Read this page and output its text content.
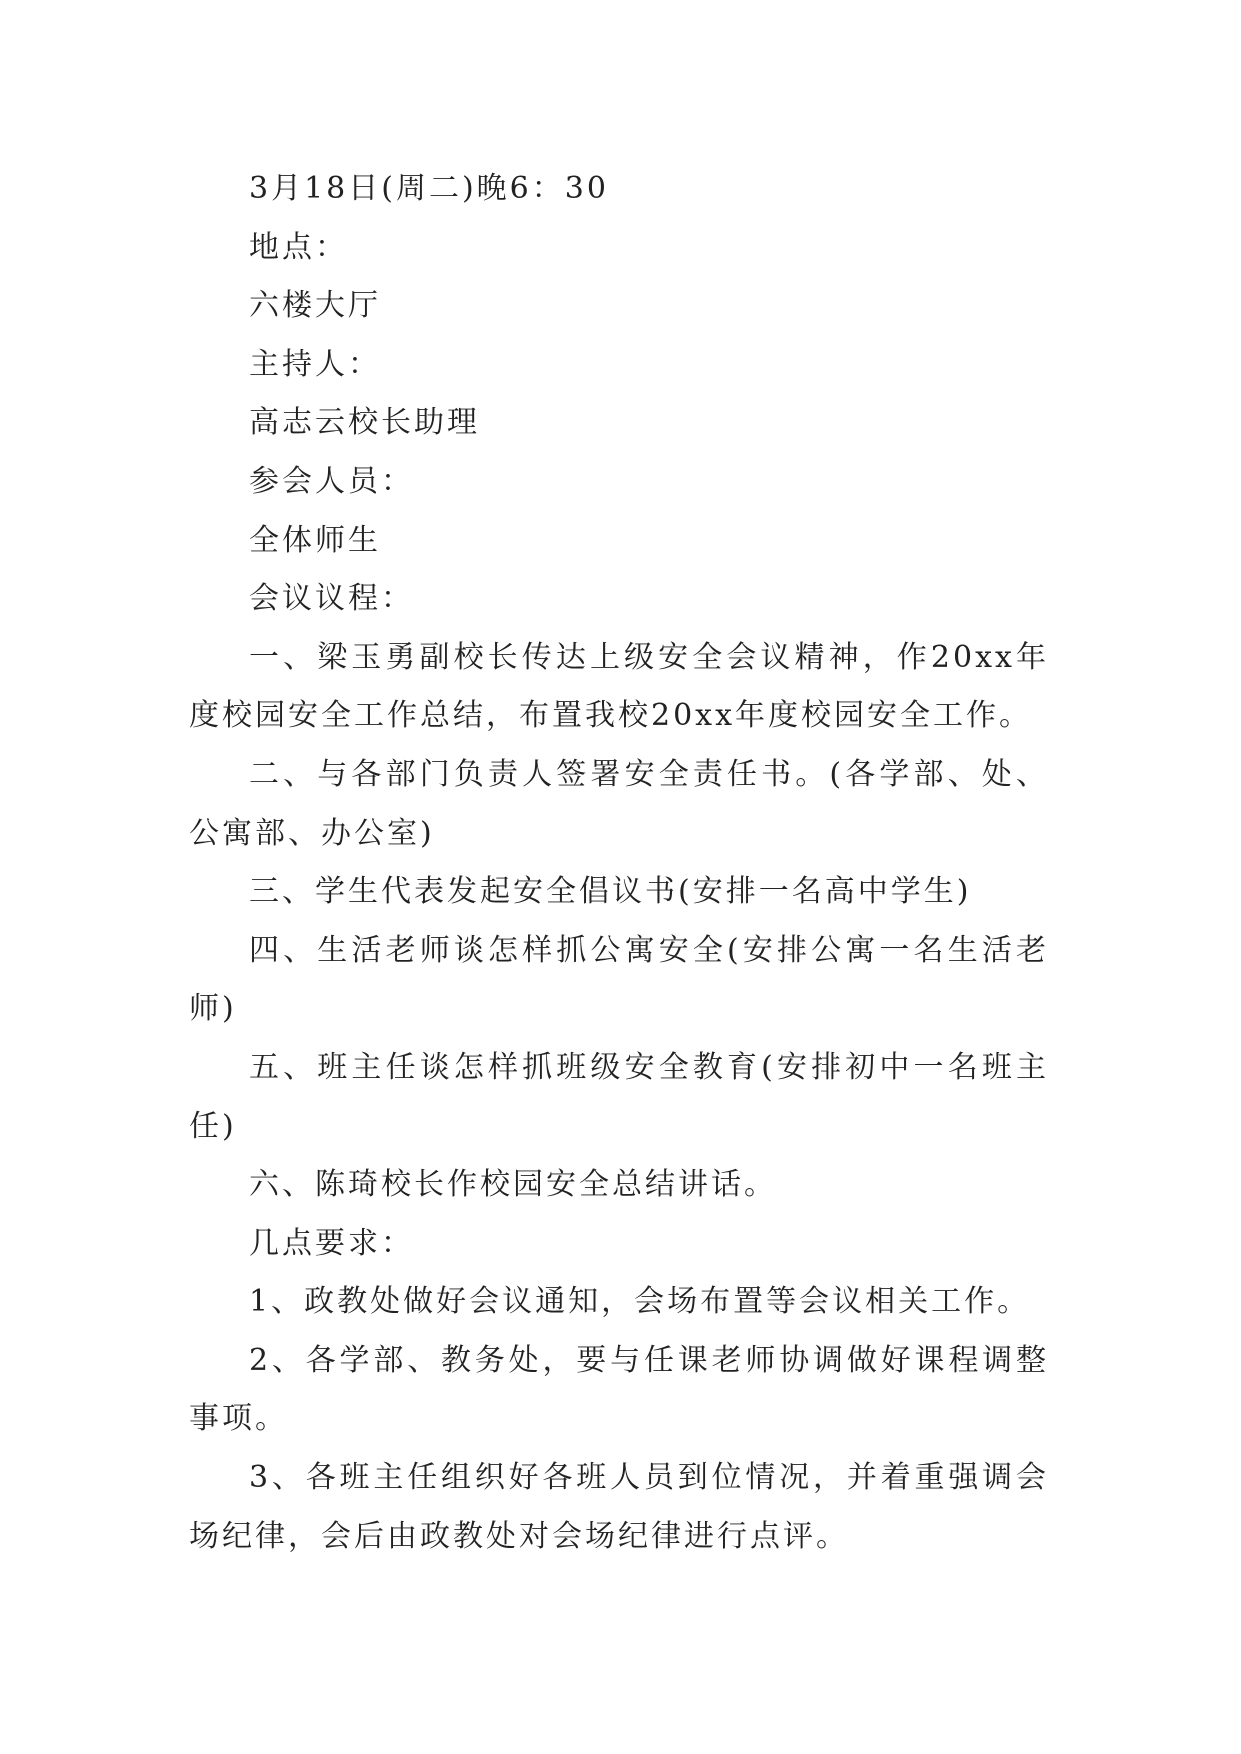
3月18日(周二)晚6：30

地点：

六楼大厅

主持人：

高志云校长助理

参会人员：

全体师生

会议议程：

一、梁玉勇副校长传达上级安全会议精神，作20xx年度校园安全工作总结，布置我校20xx年度校园安全工作。

二、与各部门负责人签署安全责任书。(各学部、处、公寓部、办公室)

三、学生代表发起安全倡议书(安排一名高中学生)

四、生活老师谈怎样抓公寓安全(安排公寓一名生活老师)

五、班主任谈怎样抓班级安全教育(安排初中一名班主任)

六、陈琦校长作校园安全总结讲话。

几点要求：

1、政教处做好会议通知，会场布置等会议相关工作。

2、各学部、教务处，要与任课老师协调做好课程调整事项。

3、各班主任组织好各班人员到位情况，并着重强调会场纪律，会后由政教处对会场纪律进行点评。
